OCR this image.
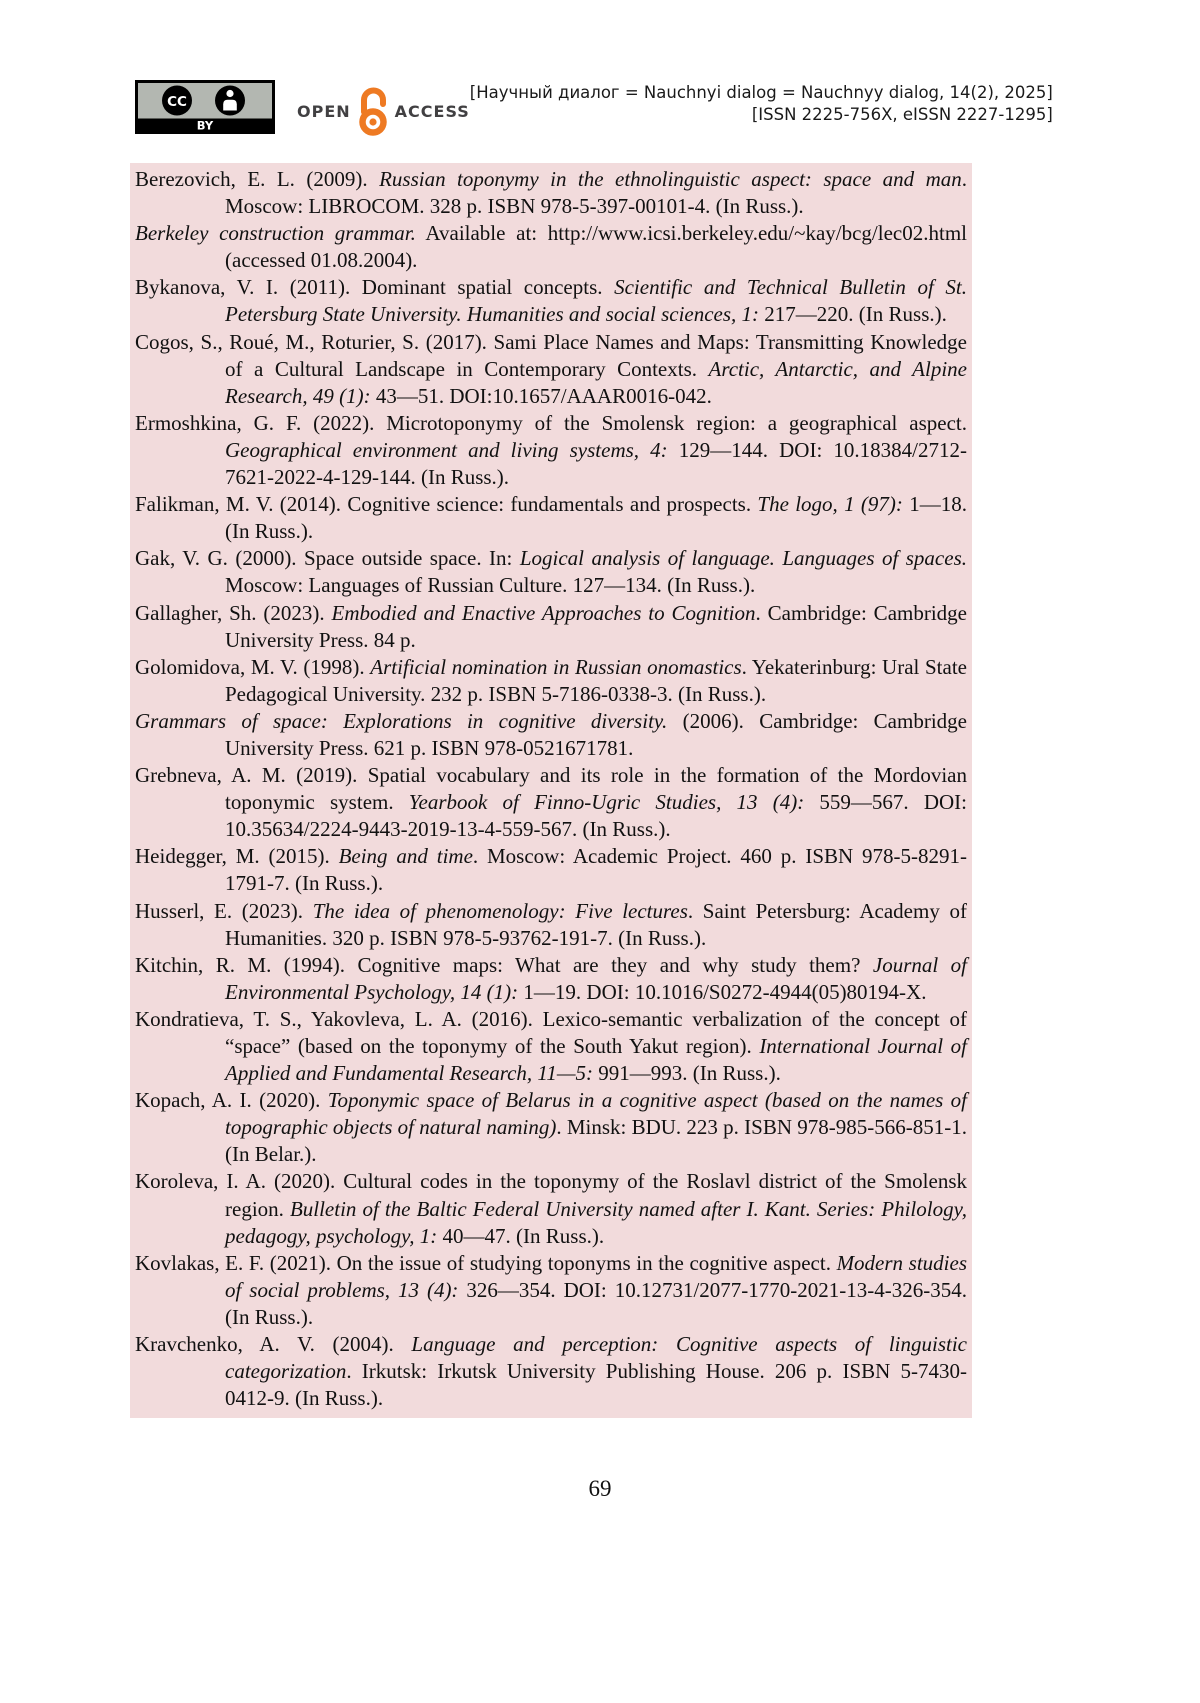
BY
CC	OPEN	ACCESS
[Научный диалог = Nauchnyi dialog = Nauchnyy dialog, 14(2), 2025]
[ISSN 2225-756X, eISSN 2227-1295]

Berezovich, E. L. (2009). Russian toponymy in the ethnolinguistic aspect: space and man. Moscow: LIBROCOM. 328 p. ISBN 978-5-397-00101-4. (In Russ.).

Berkeley construction grammar. Available at: http://www.icsi.berkeley.edu/~kay/bcg/lec02.html (accessed 01.08.2004).

Bykanova, V. I. (2011). Dominant spatial concepts. Scientific and Technical Bulletin of St. Petersburg State University. Humanities and social sciences, 1: 217—220. (In Russ.).

Cogos, S., Roué, M., Roturier, S. (2017). Sami Place Names and Maps: Transmitting Knowledge of a Cultural Landscape in Contemporary Contexts. Arctic, Antarctic, and Alpine Research, 49 (1): 43—51. DOI:10.1657/AAAR0016-042.

Ermoshkina, G. F. (2022). Microtoponymy of the Smolensk region: a geographical aspect. Geographical environment and living systems, 4: 129—144. DOI: 10.18384/2712-7621-2022-4-129-144. (In Russ.).

Falikman, M. V. (2014). Cognitive science: fundamentals and prospects. The logo, 1 (97): 1—18. (In Russ.).

Gak, V. G. (2000). Space outside space. In: Logical analysis of language. Languages of spaces. Moscow: Languages of Russian Culture. 127—134. (In Russ.).

Gallagher, Sh. (2023). Embodied and Enactive Approaches to Cognition. Cambridge: Cambridge University Press. 84 p.

Golomidova, M. V. (1998). Artificial nomination in Russian onomastics. Yekaterinburg: Ural State Pedagogical University. 232 p. ISBN 5-7186-0338-3. (In Russ.).

Grammars of space: Explorations in cognitive diversity. (2006). Cambridge: Cambridge University Press. 621 p. ISBN 978-0521671781.

Grebneva, A. M. (2019). Spatial vocabulary and its role in the formation of the Mordovian toponymic system. Yearbook of Finno-Ugric Studies, 13 (4): 559—567. DOI: 10.35634/2224-9443-2019-13-4-559-567. (In Russ.).

Heidegger, M. (2015). Being and time. Moscow: Academic Project. 460 p. ISBN 978-5-8291-1791-7. (In Russ.).

Husserl, E. (2023). The idea of phenomenology: Five lectures. Saint Petersburg: Academy of Humanities. 320 p. ISBN 978-5-93762-191-7. (In Russ.).

Kitchin, R. M. (1994). Cognitive maps: What are they and why study them? Journal of Environmental Psychology, 14 (1): 1—19. DOI: 10.1016/S0272-4944(05)80194-X.

Kondratieva, T. S., Yakovleva, L. A. (2016). Lexico-semantic verbalization of the concept of “space” (based on the toponymy of the South Yakut region). International Journal of Applied and Fundamental Research, 11—5: 991—993. (In Russ.).

Kopach, A. I. (2020). Toponymic space of Belarus in a cognitive aspect (based on the names of topographic objects of natural naming). Minsk: BDU. 223 p. ISBN 978-985-566-851-1. (In Belar.).

Koroleva, I. A. (2020). Cultural codes in the toponymy of the Roslavl district of the Smolensk region. Bulletin of the Baltic Federal University named after I. Kant. Series: Philology, pedagogy, psychology, 1: 40—47. (In Russ.).

Kovlakas, E. F. (2021). On the issue of studying toponyms in the cognitive aspect. Modern studies of social problems, 13 (4): 326—354. DOI: 10.12731/2077-1770-2021-13-4-326-354. (In Russ.).

Kravchenko, A. V. (2004). Language and perception: Cognitive aspects of linguistic categorization. Irkutsk: Irkutsk University Publishing House. 206 p. ISBN 5-7430-0412-9. (In Russ.).

69
